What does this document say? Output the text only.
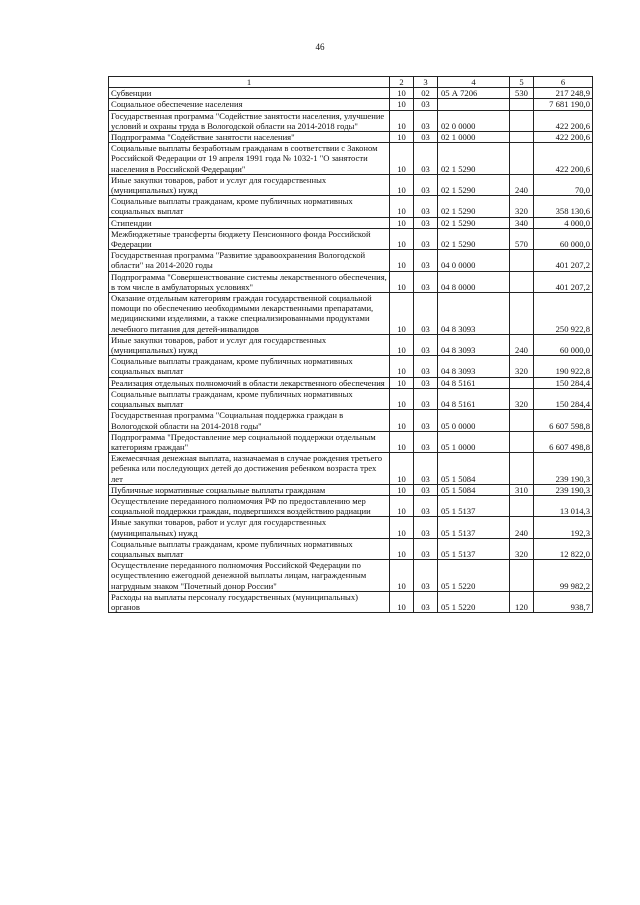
46
1	2	3	4	5	6
Субвенции	10	02	05 А 7206	530	217 248,9
Социальное обеспечение населения	10	03			7 681 190,0
Государственная программа "Содействие занятости населения, улучшение условий и охраны труда в Вологодской области на 2014-2018 годы"	10	03	02 0 0000		422 200,6
Подпрограмма "Содействие занятости населения"	10	03	02 1 0000		422 200,6
Социальные выплаты безработным гражданам в соответствии с Законом Российской Федерации от 19 апреля 1991 года № 1032-1 "О занятости населения в Российской Федерации"	10	03	02 1 5290		422 200,6
Иные закупки товаров, работ и услуг для государственных (муниципальных) нужд	10	03	02 1 5290	240	70,0
Социальные выплаты гражданам, кроме публичных нормативных социальных выплат	10	03	02 1 5290	320	358 130,6
Стипендии	10	03	02 1 5290	340	4 000,0
Межбюджетные трансферты бюджету Пенсионного фонда Российской Федерации	10	03	02 1 5290	570	60 000,0
Государственная программа "Развитие здравоохранения Вологодской области" на 2014-2020 годы	10	03	04 0 0000		401 207,2
Подпрограмма "Совершенствование системы лекарственного обеспечения, в том числе в амбулаторных условиях"	10	03	04 8 0000		401 207,2
Оказание отдельным категориям граждан государственной социальной помощи по обеспечению необходимыми лекарственными препаратами, медицинскими изделиями, а также специализированными продуктами лечебного питания для детей-инвалидов	10	03	04 8 3093		250 922,8
Иные закупки товаров, работ и услуг для государственных (муниципальных) нужд	10	03	04 8 3093	240	60 000,0
Социальные выплаты гражданам, кроме публичных нормативных социальных выплат	10	03	04 8 3093	320	190 922,8
Реализация отдельных полномочий в области лекарственного обеспечения	10	03	04 8 5161		150 284,4
Социальные выплаты гражданам, кроме публичных нормативных социальных выплат	10	03	04 8 5161	320	150 284,4
Государственная программа "Социальная поддержка граждан в Вологодской области на 2014-2018 годы"	10	03	05 0 0000		6 607 598,8
Подпрограмма "Предоставление мер социальной поддержки отдельным категориям граждан"	10	03	05 1 0000		6 607 498,8
Ежемесячная денежная выплата, назначаемая в случае рождения третьего ребенка или последующих детей до достижения ребенком возраста трех лет	10	03	05 1 5084		239 190,3
Публичные нормативные социальные выплаты гражданам	10	03	05 1 5084	310	239 190,3
Осуществление переданного полномочия РФ по предоставлению мер социальной поддержки граждан, подвергшихся воздействию радиации	10	03	05 1 5137		13 014,3
Иные закупки товаров, работ и услуг для государственных (муниципальных) нужд	10	03	05 1 5137	240	192,3
Социальные выплаты гражданам, кроме публичных нормативных социальных выплат	10	03	05 1 5137	320	12 822,0
Осуществление переданного полномочия Российской Федерации по осуществлению ежегодной денежной выплаты лицам, награжденным нагрудным знаком "Почетный донор России"	10	03	05 1 5220		99 982,2
Расходы на выплаты персоналу государственных (муниципальных) органов	10	03	05 1 5220	120	938,7
